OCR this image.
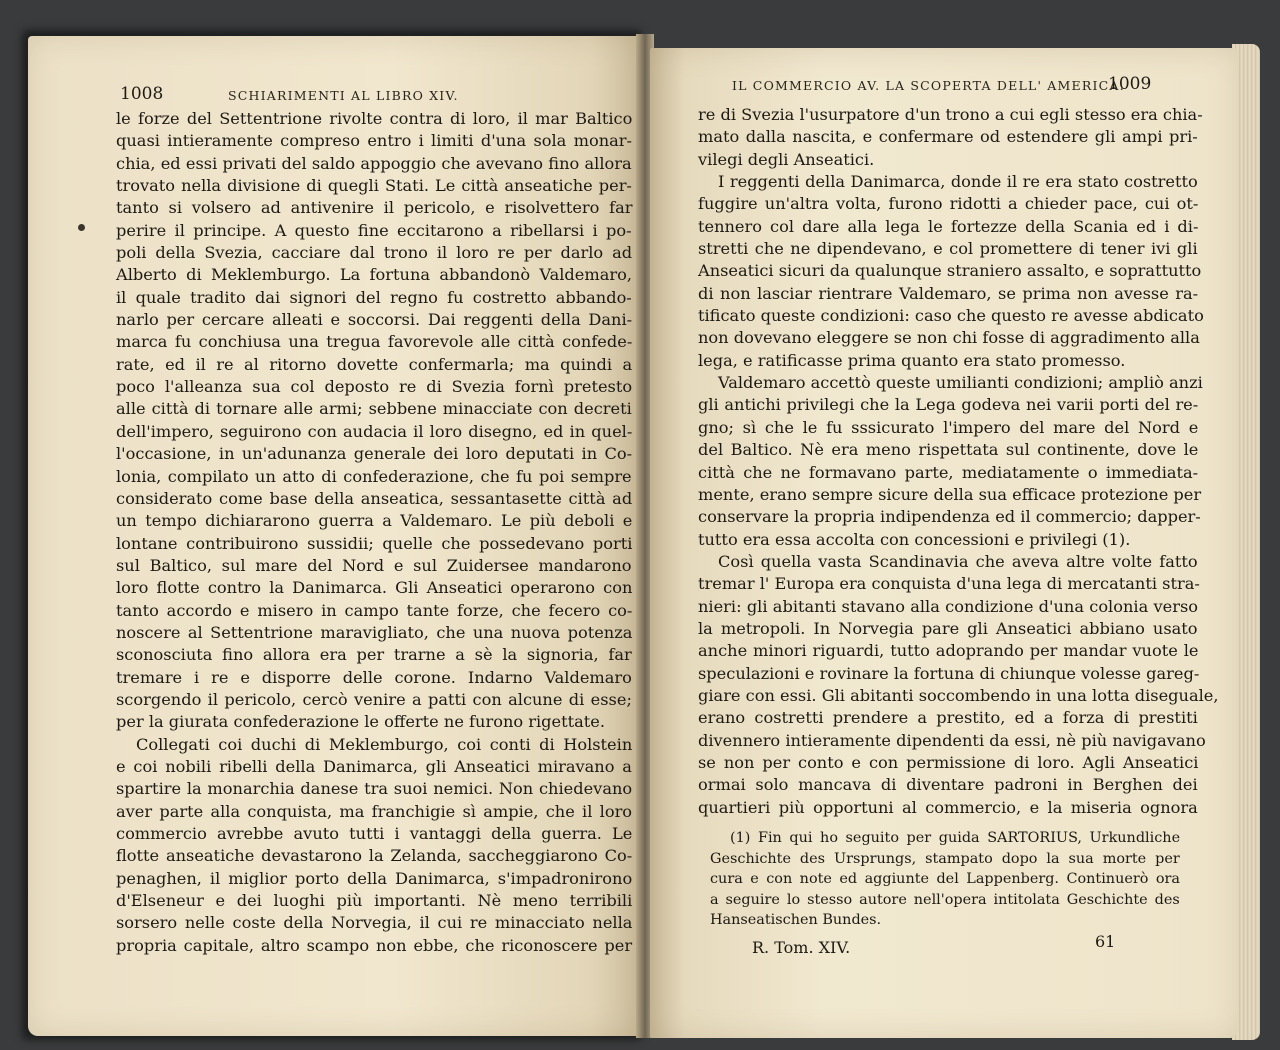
1008	SCHIARIMENTI AL LIBRO XIV.
le forze del Settentrione rivolte contra di loro, il mar Baltico
quasi intieramente compreso entro i limiti d'una sola monar-
chia, ed essi privati del saldo appoggio che avevano fino allora
trovato nella divisione di quegli Stati. Le città anseatiche per-
tanto si volsero ad antivenire il pericolo, e risolvettero far
perire il principe. A questo fine eccitarono a ribellarsi i po-
poli della Svezia, cacciare dal trono il loro re per darlo ad
Alberto di Meklemburgo. La fortuna abbandonò Valdemaro,
il quale tradito dai signori del regno fu costretto abbando-
narlo per cercare alleati e soccorsi. Dai reggenti della Dani-
marca fu conchiusa una tregua favorevole alle città confede-
rate, ed il re al ritorno dovette confermarla; ma quindi a
poco l'alleanza sua col deposto re di Svezia fornì pretesto
alle città di tornare alle armi; sebbene minacciate con decreti
dell'impero, seguirono con audacia il loro disegno, ed in quel-
l'occasione, in un'adunanza generale dei loro deputati in Co-
lonia, compilato un atto di confederazione, che fu poi sempre
considerato come base della anseatica, sessantasette città ad
un tempo dichiararono guerra a Valdemaro. Le più deboli e
lontane contribuirono sussidii; quelle che possedevano porti
sul Baltico, sul mare del Nord e sul Zuidersee mandarono
loro flotte contro la Danimarca. Gli Anseatici operarono con
tanto accordo e misero in campo tante forze, che fecero co-
noscere al Settentrione maravigliato, che una nuova potenza
sconosciuta fino allora era per trarne a sè la signoria, far
tremare i re e disporre delle corone. Indarno Valdemaro
scorgendo il pericolo, cercò venire a patti con alcune di esse;
per la giurata confederazione le offerte ne furono rigettate.
Collegati coi duchi di Meklemburgo, coi conti di Holstein
e coi nobili ribelli della Danimarca, gli Anseatici miravano a
spartire la monarchia danese tra suoi nemici. Non chiedevano
aver parte alla conquista, ma franchigie sì ampie, che il loro
commercio avrebbe avuto tutti i vantaggi della guerra. Le
flotte anseatiche devastarono la Zelanda, saccheggiarono Co-
penaghen, il miglior porto della Danimarca, s'impadronirono
d'Elseneur e dei luoghi più importanti. Nè meno terribili
sorsero nelle coste della Norvegia, il cui re minacciato nella
propria capitale, altro scampo non ebbe, che riconoscere per
IL COMMERCIO AV. LA SCOPERTA DELL' AMERICA.
1009
re di Svezia l'usurpatore d'un trono a cui egli stesso era chia-
mato dalla nascita, e confermare od estendere gli ampi pri-
vilegi degli Anseatici.
I reggenti della Danimarca, donde il re era stato costretto
fuggire un'altra volta, furono ridotti a chieder pace, cui ot-
tennero col dare alla lega le fortezze della Scania ed i di-
stretti che ne dipendevano, e col promettere di tener ivi gli
Anseatici sicuri da qualunque straniero assalto, e soprattutto
di non lasciar rientrare Valdemaro, se prima non avesse ra-
tificato queste condizioni: caso che questo re avesse abdicato
non dovevano eleggere se non chi fosse di aggradimento alla
lega, e ratificasse prima quanto era stato promesso.
Valdemaro accettò queste umilianti condizioni; ampliò anzi
gli antichi privilegi che la Lega godeva nei varii porti del re-
gno; sì che le fu sssicurato l'impero del mare del Nord e
del Baltico. Nè era meno rispettata sul continente, dove le
città che ne formavano parte, mediatamente o immediata-
mente, erano sempre sicure della sua efficace protezione per
conservare la propria indipendenza ed il commercio; dapper-
tutto era essa accolta con concessioni e privilegi (1).
Così quella vasta Scandinavia che aveva altre volte fatto
tremar l' Europa era conquista d'una lega di mercatanti stra-
nieri: gli abitanti stavano alla condizione d'una colonia verso
la metropoli. In Norvegia pare gli Anseatici abbiano usato
anche minori riguardi, tutto adoprando per mandar vuote le
speculazioni e rovinare la fortuna di chiunque volesse gareg-
giare con essi. Gli abitanti soccombendo in una lotta diseguale,
erano costretti prendere a prestito, ed a forza di prestiti
divennero intieramente dipendenti da essi, nè più navigavano
se non per conto e con permissione di loro. Agli Anseatici
ormai solo mancava di diventare padroni in Berghen dei
quartieri più opportuni al commercio, e la miseria ognora
(1) Fin qui ho seguito per guida SARTORIUS, Urkundliche
Geschichte des Ursprungs, stampato dopo la sua morte per
cura e con note ed aggiunte del Lappenberg. Continuerò ora
a seguire lo stesso autore nell'opera intitolata Geschichte des
Hanseatischen Bundes.
R. Tom. XIV.	61
